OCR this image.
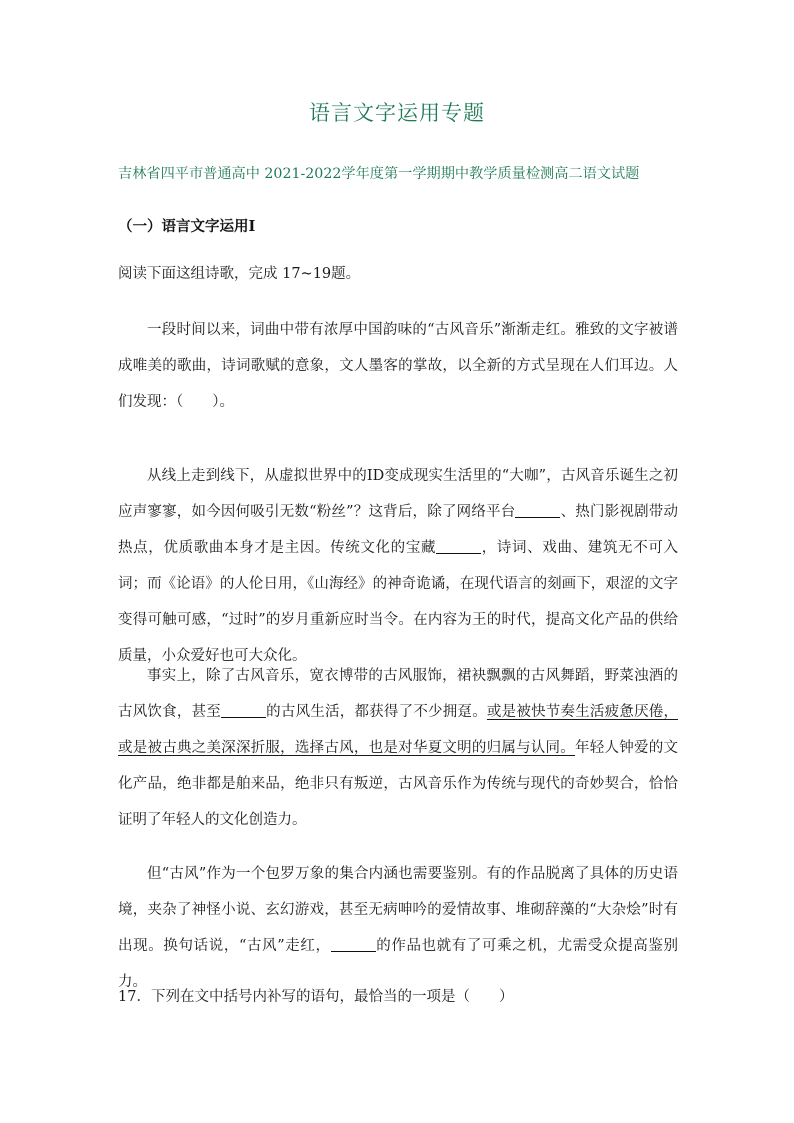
语言文字运用专题
吉林省四平市普通高中 2021-2022学年度第一学期期中教学质量检测高二语文试题
（一）语言文字运用Ⅰ
阅读下面这组诗歌，完成 17~19题。

一段时间以来，词曲中带有浓厚中国韵味的“古风音乐”渐渐走红。雅致的文字被谱成唯美的歌曲，诗词歌赋的意象，文人墨客的掌故，以全新的方式呈现在人们耳边。人们发现：（　　）。

从线上走到线下，从虚拟世界中的ID变成现实生活里的“大咖”，古风音乐诞生之初应声寥寥，如今因何吸引无数“粉丝”？这背后，除了网络平台	、热门影视剧带动热点，优质歌曲本身才是主因。传统文化的宝藏	，诗词、戏曲、建筑无不可入词；而《论语》的人伦日用，《山海经》的神奇诡谲，在现代语言的刻画下，艰涩的文字变得可触可感，“过时”的岁月重新应时当令。在内容为王的时代，提高文化产品的供给质量，小众爱好也可大众化。

事实上，除了古风音乐，宽衣博带的古风服饰，裙袂飘飘的古风舞蹈，野菜浊酒的古风饮食，甚至	的古风生活，都获得了不少拥趸。或是被快节奏生活疲惫厌倦，或是被古典之美深深折服，选择古风，也是对华夏文明的归属与认同。年轻人钟爱的文化产品，绝非都是舶来品，绝非只有叛逆，古风音乐作为传统与现代的奇妙契合，恰恰证明了年轻人的文化创造力。

但“古风”作为一个包罗万象的集合内涵也需要鉴别。有的作品脱离了具体的历史语境，夹杂了神怪小说、玄幻游戏，甚至无病呻吟的爱情故事、堆砌辞藻的“大杂烩”时有出现。换句话说，“古风”走红，	的作品也就有了可乘之机，尤需受众提高鉴别力。

17．下列在文中括号内补写的语句，最恰当的一项是（　　）
